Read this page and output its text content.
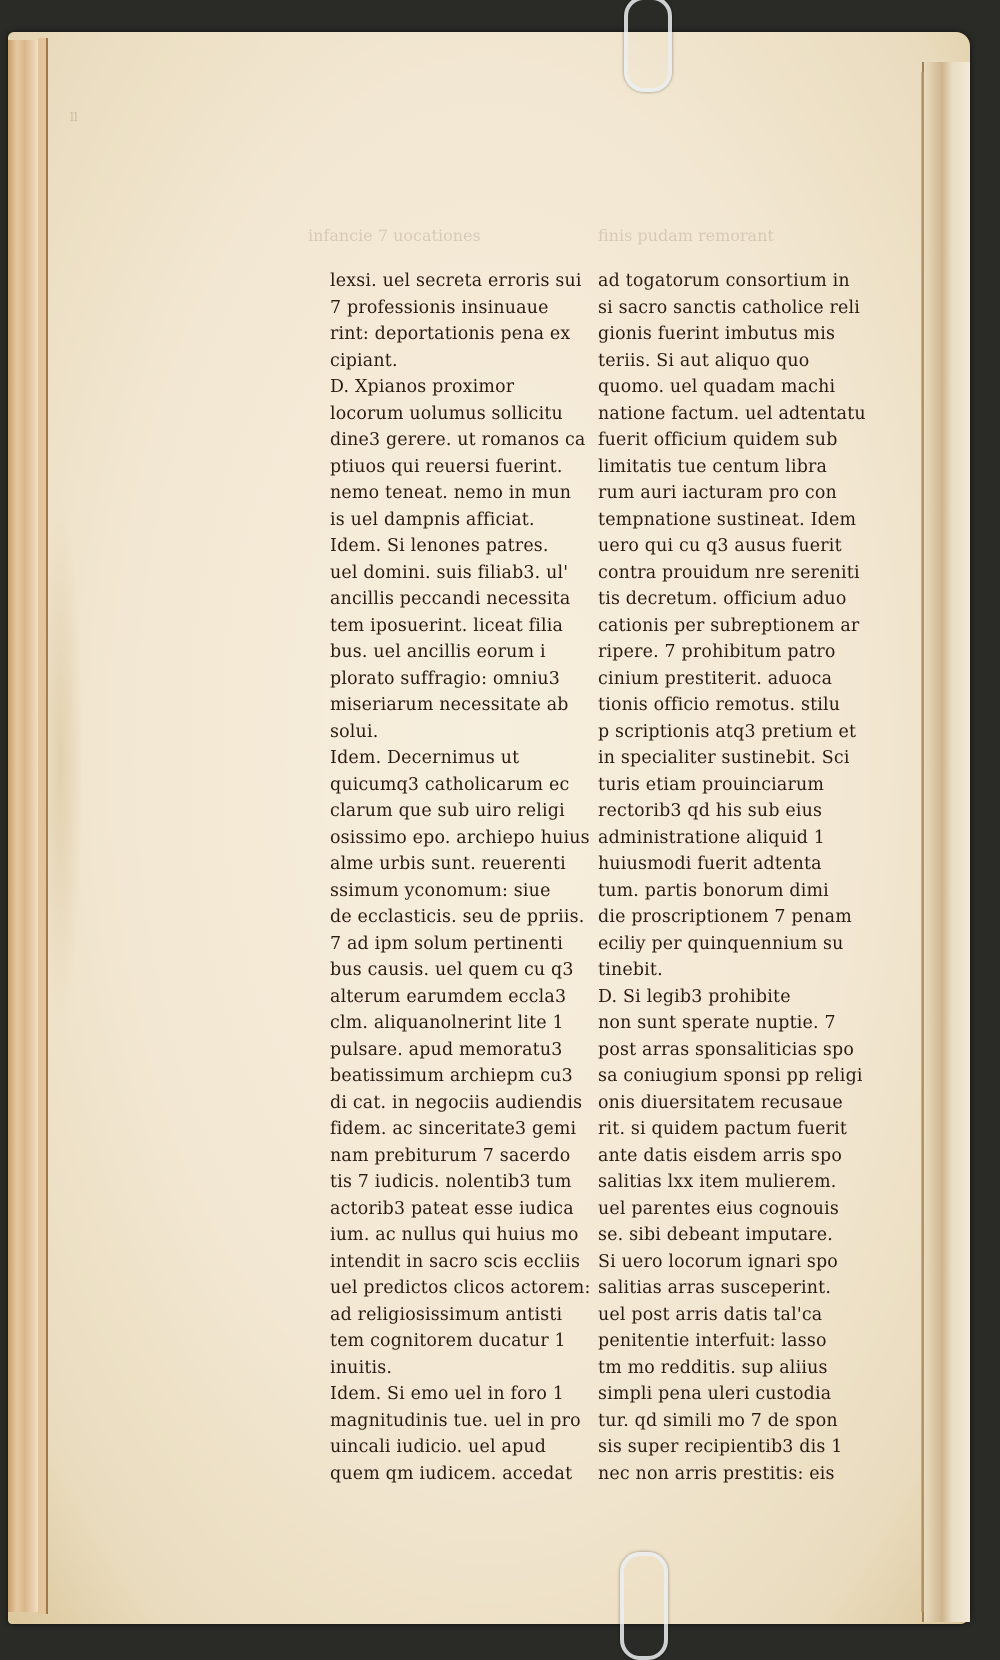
ll
infancie 7 uocationes	finis pudam remorant
lexsi. uel secreta erroris sui
7 professionis insinuaue
rint: deportationis pena ex
cipiant.
D. Xpianos proximor
locorum uolumus sollicitu
dine3 gerere. ut romanos ca
ptiuos qui reuersi fuerint.
nemo teneat. nemo in mun
is uel dampnis afficiat.
Idem. Si lenones patres.
uel domini. suis filiab3. ul'
ancillis peccandi necessita
tem iposuerint. liceat filia
bus. uel ancillis eorum i
plorato suffragio: omniu3
miseriarum necessitate ab
solui.
Idem. Decernimus ut
quicumq3 catholicarum ec
clarum que sub uiro religi
osissimo epo. archiepo huius
alme urbis sunt. reuerenti
ssimum yconomum: siue
de ecclasticis. seu de ppriis.
7 ad ipm solum pertinenti
bus causis. uel quem cu q3
alterum earumdem eccla3
clm. aliquanolnerint lite 1
pulsare. apud memoratu3
beatissimum archiepm cu3
di cat. in negociis audiendis
fidem. ac sinceritate3 gemi
nam prebiturum 7 sacerdo
tis 7 iudicis. nolentib3 tum
actorib3 pateat esse iudica
ium. ac nullus qui huius mo
intendit in sacro scis eccliis
uel predictos clicos actorem:
ad religiosissimum antisti
tem cognitorem ducatur 1
inuitis.
Idem. Si emo uel in foro 1
magnitudinis tue. uel in pro
uincali iudicio. uel apud
quem qm iudicem. accedat
ad togatorum consortium in
si sacro sanctis catholice reli
gionis fuerint imbutus mis
teriis. Si aut aliquo quo
quomo. uel quadam machi
natione factum. uel adtentatu
fuerit officium quidem sub
limitatis tue centum libra
rum auri iacturam pro con
tempnatione sustineat. Idem
uero qui cu q3 ausus fuerit
contra prouidum nre sereniti
tis decretum. officium aduo
cationis per subreptionem ar
ripere. 7 prohibitum patro
cinium prestiterit. aduoca
tionis officio remotus. stilu
p scriptionis atq3 pretium et
in specialiter sustinebit. Sci
turis etiam prouinciarum
rectorib3 qd his sub eius
administratione aliquid 1
huiusmodi fuerit adtenta
tum. partis bonorum dimi
die proscriptionem 7 penam
eciliy per quinquennium su
tinebit.
D. Si legib3 prohibite
non sunt sperate nuptie. 7
post arras sponsaliticias spo
sa coniugium sponsi pp religi
onis diuersitatem recusaue
rit. si quidem pactum fuerit
ante datis eisdem arris spo
salitias lxx item mulierem.
uel parentes eius cognouis
se. sibi debeant imputare.
Si uero locorum ignari spo
salitias arras susceperint.
uel post arris datis tal'ca
penitentie interfuit: lasso
tm mo redditis. sup aliius
simpli pena uleri custodia
tur. qd simili mo 7 de spon
sis super recipientib3 dis 1
nec non arris prestitis: eis
